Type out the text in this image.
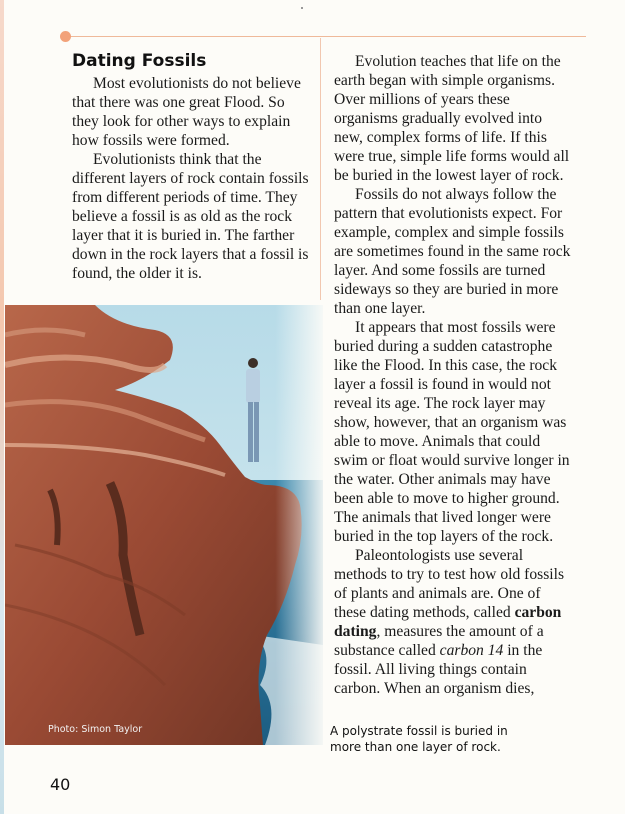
Dating Fossils

Most evolutionists do not believe that there was one great Flood. So they look for other ways to explain how fossils were formed.

Evolutionists think that the different layers of rock contain fossils from different periods of time. They believe a fossil is as old as the rock layer that it is buried in. The farther down in the rock layers that a fossil is found, the older it is.

Evolution teaches that life on the earth began with simple organisms. Over millions of years these organisms gradually evolved into new, complex forms of life. If this were true, simple life forms would all be buried in the lowest layer of rock.

Fossils do not always follow the pattern that evolutionists expect. For example, complex and simple fossils are sometimes found in the same rock layer. And some fossils are turned sideways so they are buried in more than one layer.

It appears that most fossils were buried during a sudden catastrophe like the Flood. In this case, the rock layer a fossil is found in would not reveal its age. The rock layer may show, however, that an organism was able to move. Animals that could swim or float would survive longer in the water. Other animals may have been able to move to higher ground. The animals that lived longer were buried in the top layers of the rock.

Paleontologists use several methods to try to test how old fossils of plants and animals are. One of these dating methods, called carbon dating, measures the amount of a substance called carbon 14 in the fossil. All living things contain carbon. When an organism dies,

Photo: Simon Taylor	A polystrate fossil is buried in more than one layer of rock.
40
